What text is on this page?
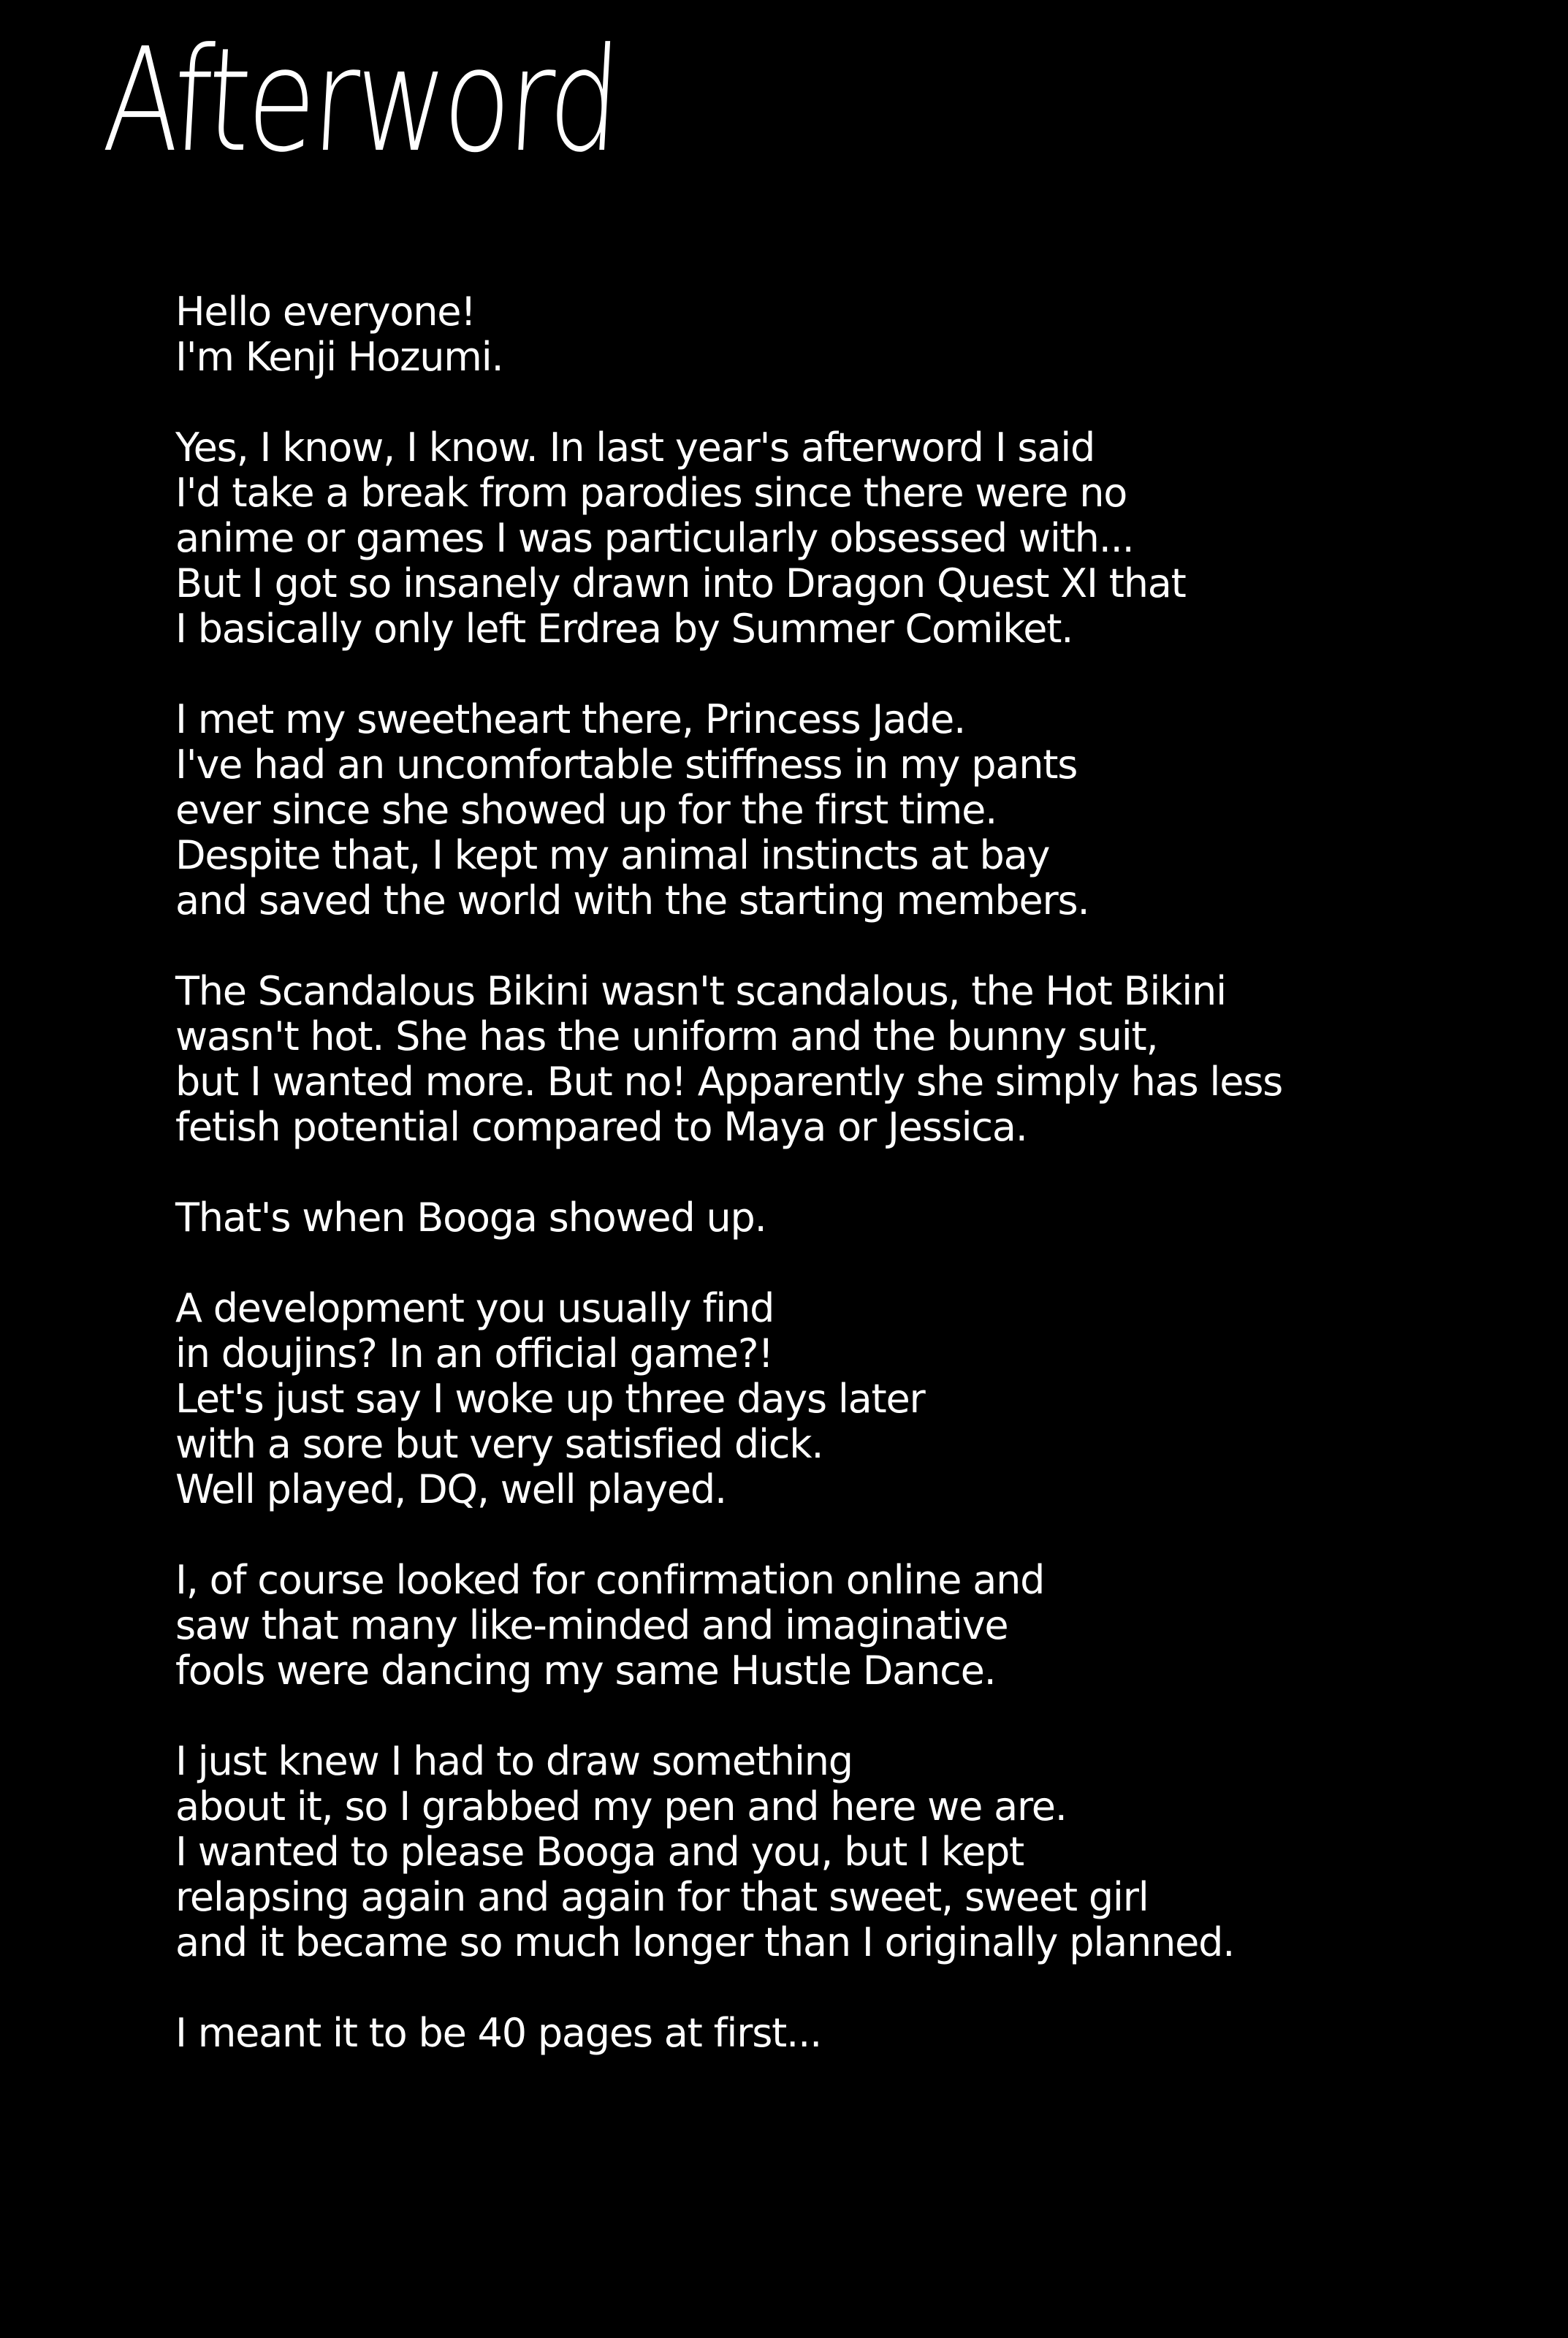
Afterword

Hello everyone!
I'm Kenji Hozumi.

Yes, I know, I know. In last year's afterword I said
I'd take a break from parodies since there were no
anime or games I was particularly obsessed with...
But I got so insanely drawn into Dragon Quest XI that
I basically only left Erdrea by Summer Comiket.

I met my sweetheart there, Princess Jade.
I've had an uncomfortable stiffness in my pants
ever since she showed up for the first time.
Despite that, I kept my animal instincts at bay
and saved the world with the starting members.

The Scandalous Bikini wasn't scandalous, the Hot Bikini
wasn't hot. She has the uniform and the bunny suit,
but I wanted more. But no! Apparently she simply has less
fetish potential compared to Maya or Jessica.

That's when Booga showed up.

A development you usually find
in doujins? In an official game?!
Let's just say I woke up three days later
with a sore but very satisfied dick.
Well played, DQ, well played.

I, of course looked for confirmation online and
saw that many like-minded and imaginative
fools were dancing my same Hustle Dance.

I just knew I had to draw something
about it, so I grabbed my pen and here we are.
I wanted to please Booga and you, but I kept
relapsing again and again for that sweet, sweet girl
and it became so much longer than I originally planned.

I meant it to be 40 pages at first...
